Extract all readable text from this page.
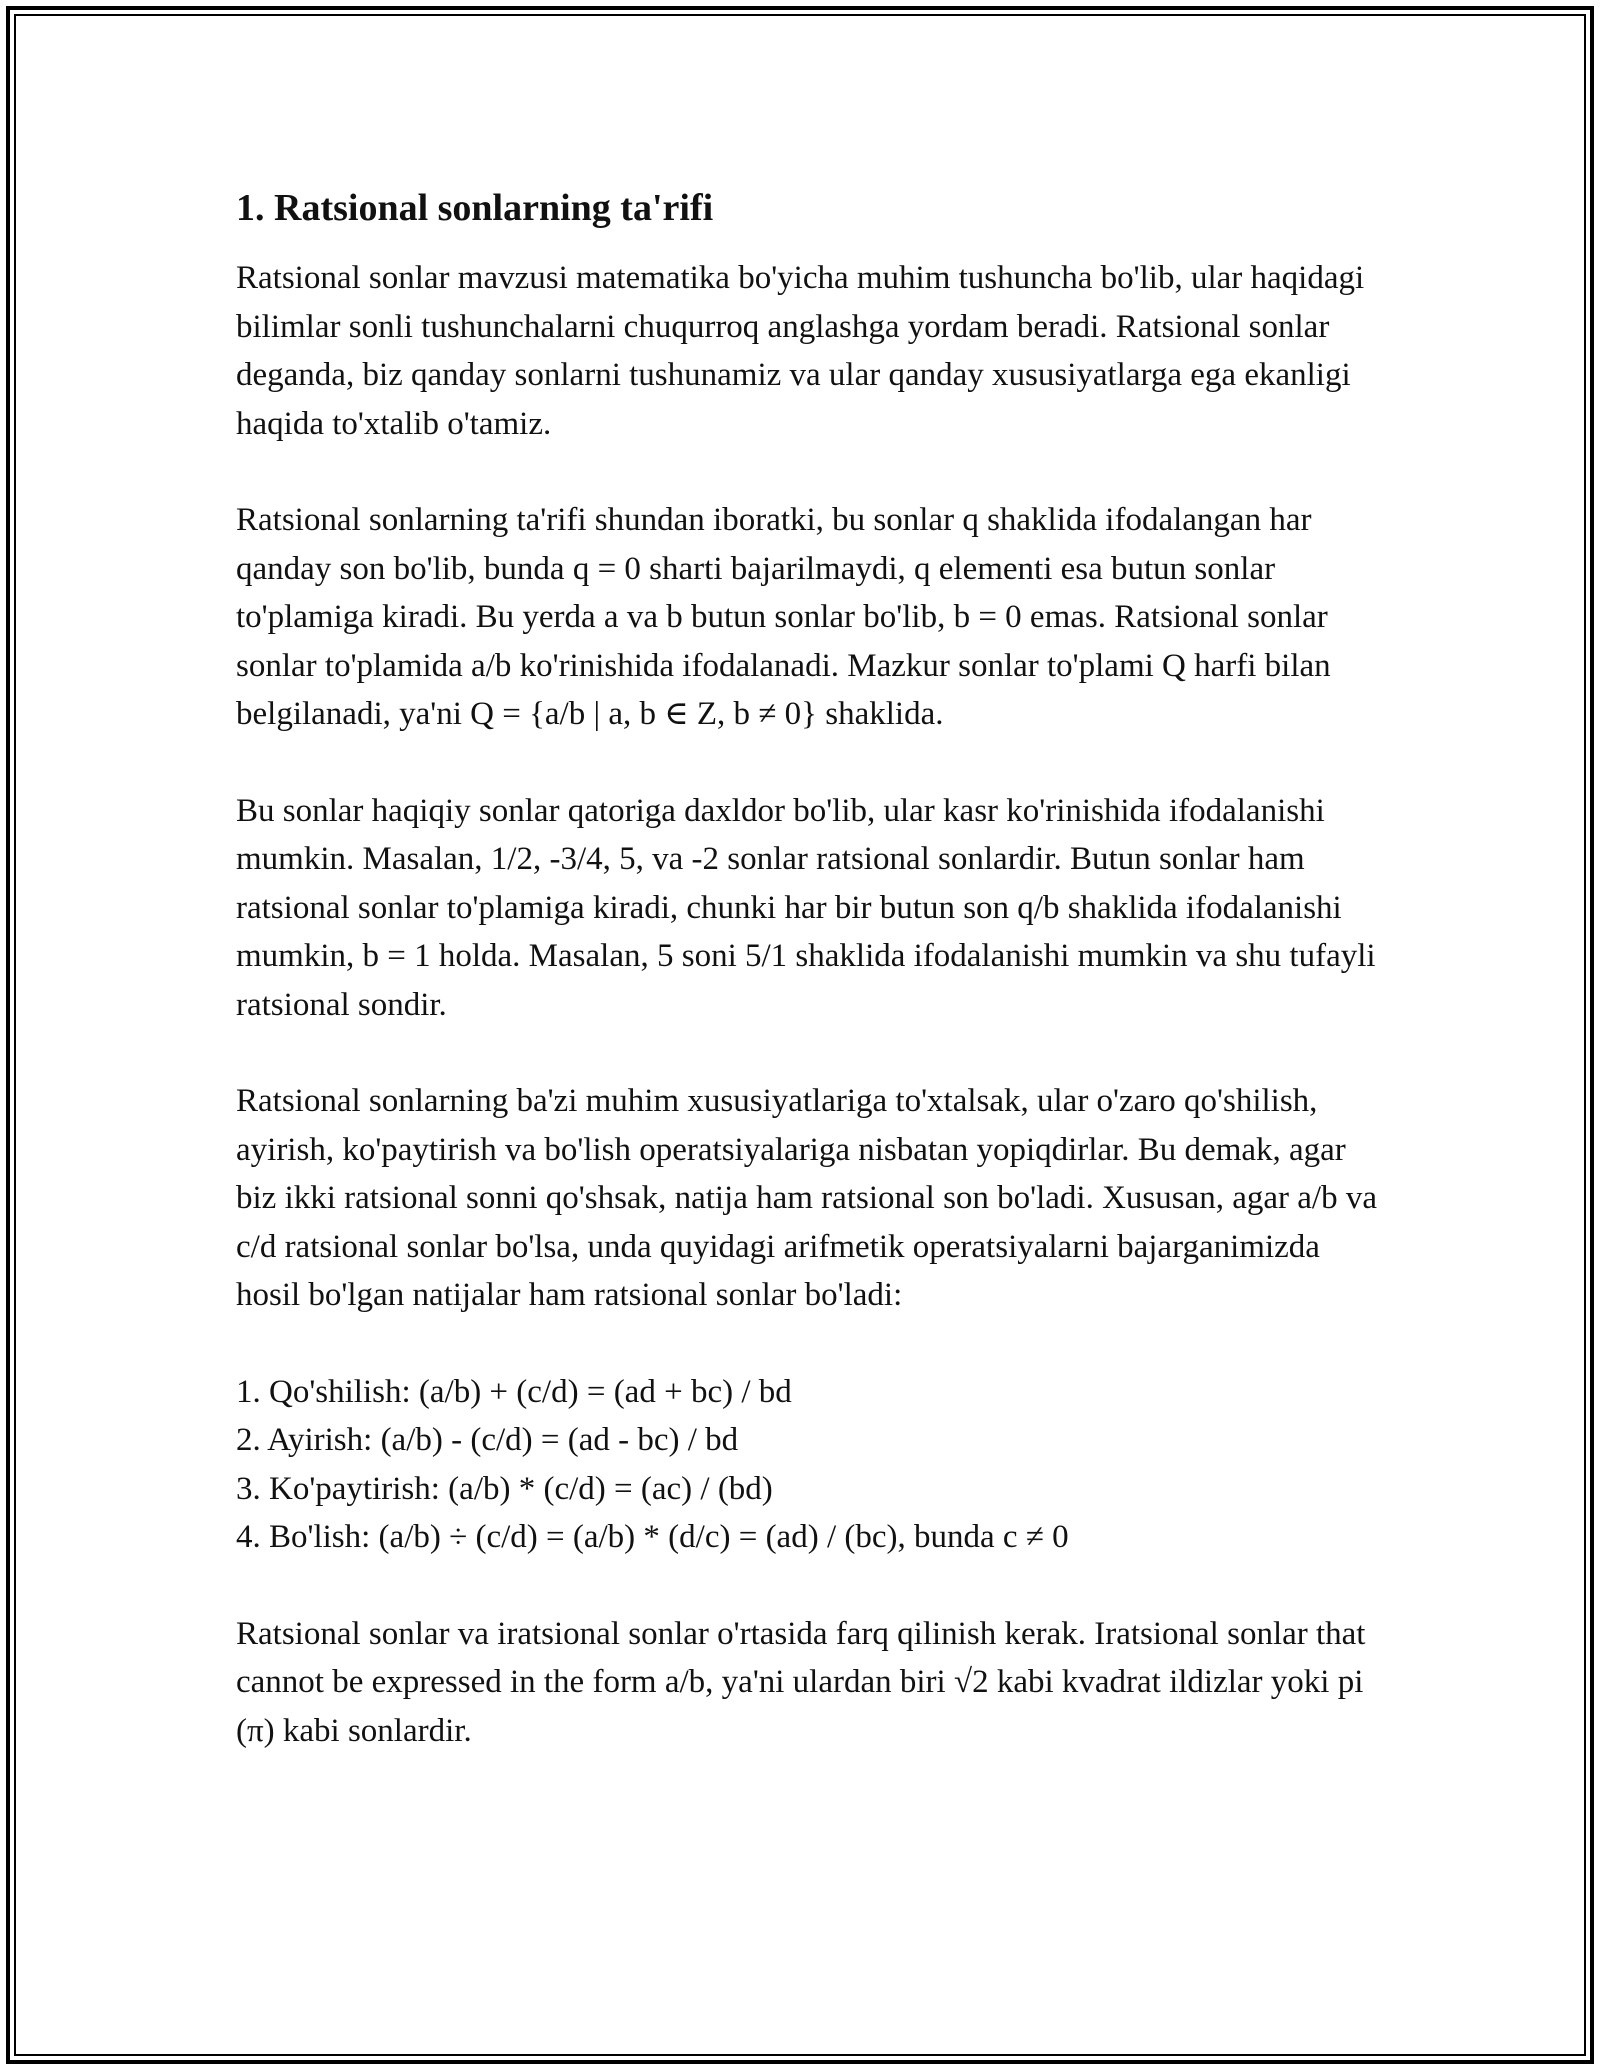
1. Ratsional sonlarning ta'rifi

Ratsional sonlar mavzusi matematika bo'yicha muhim tushuncha bo'lib, ular haqidagi bilimlar sonli tushunchalarni chuqurroq anglashga yordam beradi. Ratsional sonlar deganda, biz qanday sonlarni tushunamiz va ular qanday xususiyatlarga ega ekanligi haqida to'xtalib o'tamiz.

Ratsional sonlarning ta'rifi shundan iboratki, bu sonlar q shaklida ifodalangan har qanday son bo'lib, bunda q = 0 sharti bajarilmaydi, q elementi esa butun sonlar to'plamiga kiradi. Bu yerda a va b butun sonlar bo'lib, b = 0 emas. Ratsional sonlar sonlar to'plamida a/b ko'rinishida ifodalanadi. Mazkur sonlar to'plami Q harfi bilan belgilanadi, ya'ni Q = {a/b | a, b ∈ Z, b ≠ 0} shaklida.

Bu sonlar haqiqiy sonlar qatoriga daxldor bo'lib, ular kasr ko'rinishida ifodalanishi mumkin. Masalan, 1/2, -3/4, 5, va -2 sonlar ratsional sonlardir. Butun sonlar ham ratsional sonlar to'plamiga kiradi, chunki har bir butun son q/b shaklida ifodalanishi mumkin, b = 1 holda. Masalan, 5 soni 5/1 shaklida ifodalanishi mumkin va shu tufayli ratsional sondir.

Ratsional sonlarning ba'zi muhim xususiyatlariga to'xtalsak, ular o'zaro qo'shilish, ayirish, ko'paytirish va bo'lish operatsiyalariga nisbatan yopiqdirlar. Bu demak, agar biz ikki ratsional sonni qo'shsak, natija ham ratsional son bo'ladi. Xususan, agar a/b va c/d ratsional sonlar bo'lsa, unda quyidagi arifmetik operatsiyalarni bajarganimizda hosil bo'lgan natijalar ham ratsional sonlar bo'ladi:

1. Qo'shilish: (a/b) + (c/d) = (ad + bc) / bd
2. Ayirish: (a/b) - (c/d) = (ad - bc) / bd
3. Ko'paytirish: (a/b) * (c/d) = (ac) / (bd)
4. Bo'lish: (a/b) ÷ (c/d) = (a/b) * (d/c) = (ad) / (bc), bunda c ≠ 0

Ratsional sonlar va iratsional sonlar o'rtasida farq qilinish kerak. Iratsional sonlar that cannot be expressed in the form a/b, ya'ni ulardan biri √2 kabi kvadrat ildizlar yoki pi (π) kabi sonlardir.
